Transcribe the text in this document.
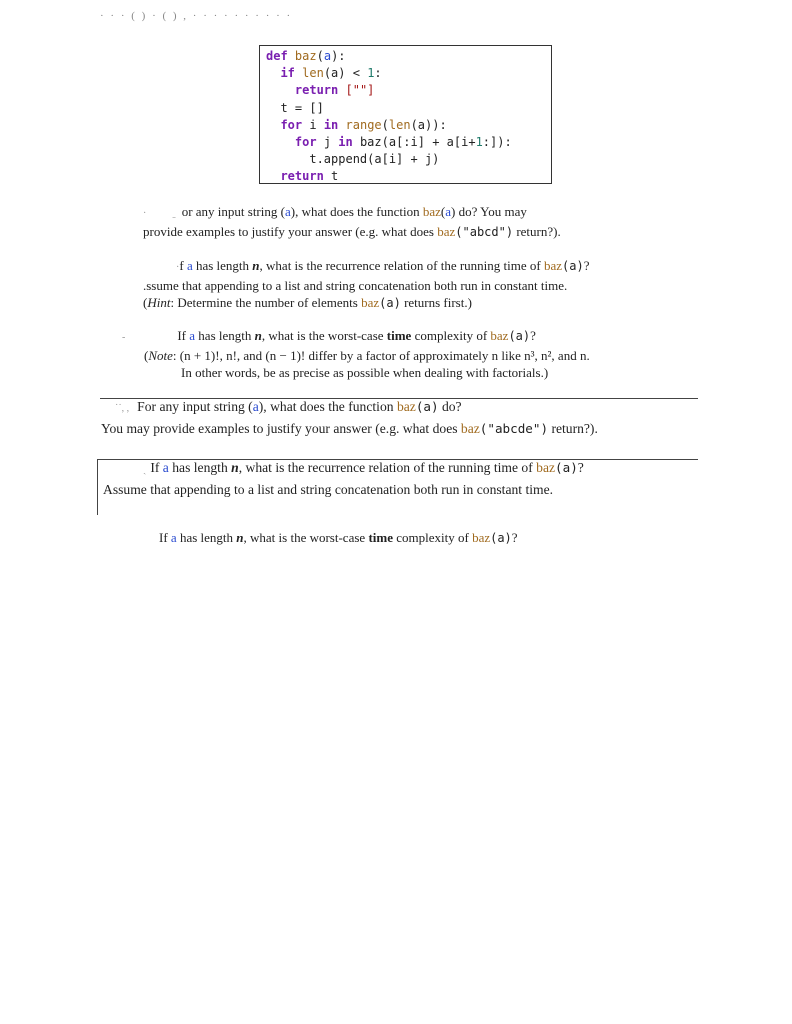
· · · ( ) · ( ) , · · · · · · · · · ·
def baz(a):
if len(a) < 1:
return [""]
t = []
for i in range(len(a)):
for j in baz(a[:i] + a[i+1:]):
t.append(a[i] + j)
return t
·	ˍ or any input string (a), what does the function baz(a) do? You may
provide examples to justify your answer (e.g. what does baz("abcd") return?).
·f a has length n, what is the recurrence relation of the running time of baz(a)?
.ssume that appending to a list and string concatenation both run in constant time.
(Hint: Determine the number of elements baz(a) returns first.)
-	If a has length n, what is the worst-case time complexity of baz(a)?
(Note: (n + 1)!, n!, and (n − 1)! differ by a factor of approximately n like n³, n², and n.
In other words, be as precise as possible when dealing with factorials.)
˙˙, , For any input string (a), what does the function baz(a) do?
You may provide examples to justify your answer (e.g. what does baz("abcde") return?).
ˏ If a has length n, what is the recurrence relation of the running time of baz(a)?
Assume that appending to a list and string concatenation both run in constant time.
If a has length n, what is the worst-case time complexity of baz(a)?
